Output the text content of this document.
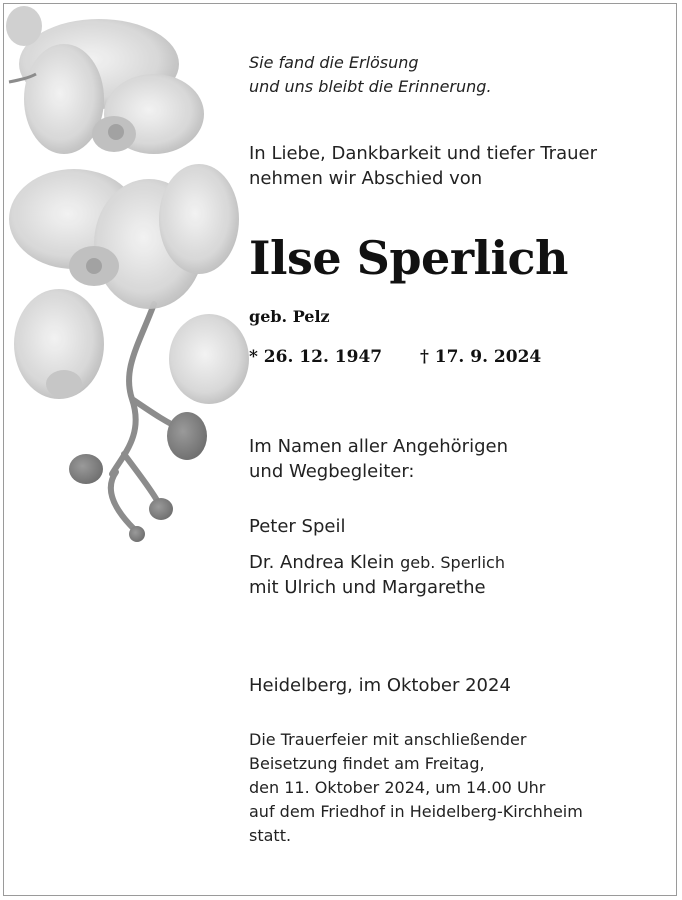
Sie fand die Erlösung
und uns bleibt die Erinnerung.
In Liebe, Dankbarkeit und tiefer Trauer
nehmen wir Abschied von
Ilse Sperlich
geb. Pelz
* 26. 12. 1947 † 17. 9. 2024
Im Namen aller Angehörigen
und Wegbegleiter:
Peter Speil
Dr. Andrea Klein geb. Sperlich
mit Ulrich und Margarethe
Heidelberg, im Oktober 2024
Die Trauerfeier mit anschließender
Beisetzung findet am Freitag,
den 11. Oktober 2024, um 14.00 Uhr
auf dem Friedhof in Heidelberg-Kirchheim
statt.
